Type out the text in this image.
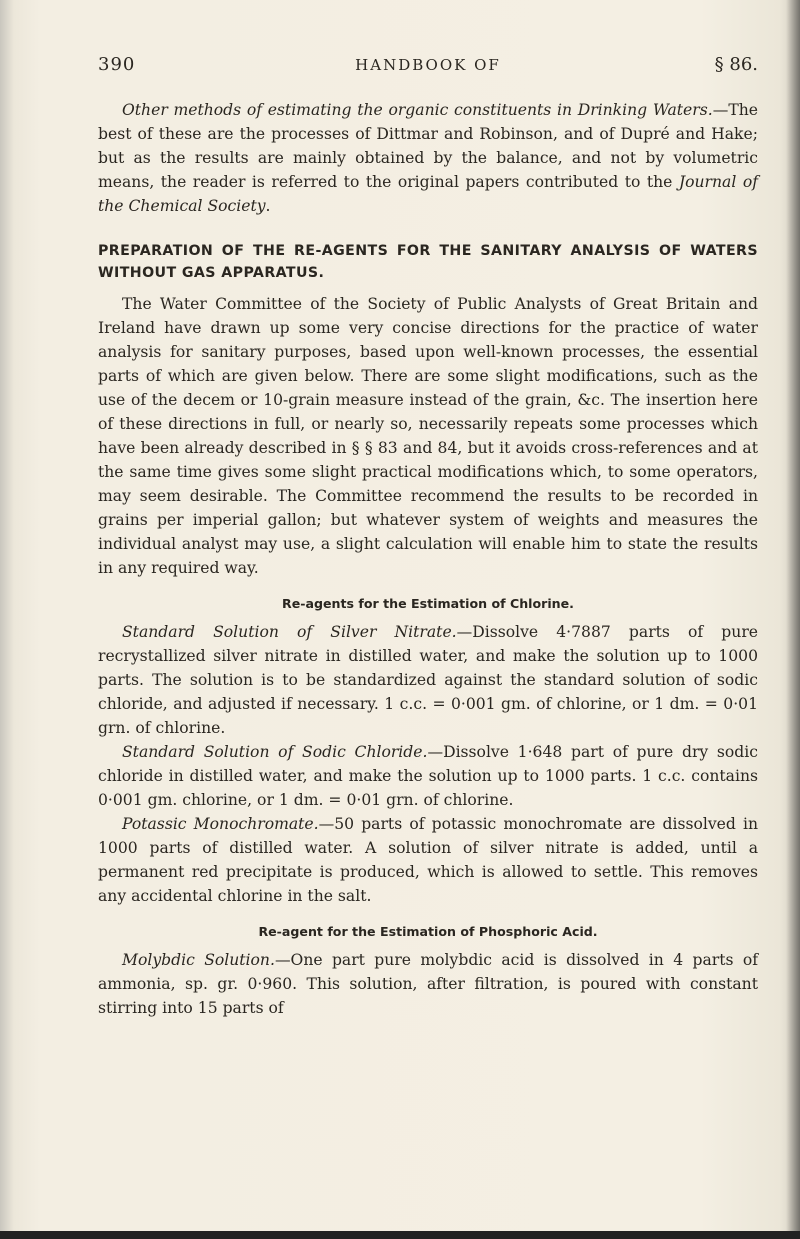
390	HANDBOOK OF	§ 86.

Other methods of estimating the organic constituents in Drinking Waters.—The best of these are the processes of Dittmar and Robinson, and of Dupré and Hake; but as the results are mainly obtained by the balance, and not by volumetric means, the reader is referred to the original papers contributed to the Journal of the Chemical Society.

PREPARATION OF THE RE-AGENTS FOR THE SANITARY ANALYSIS OF WATERS WITHOUT GAS APPARATUS.

The Water Committee of the Society of Public Analysts of Great Britain and Ireland have drawn up some very concise directions for the practice of water analysis for sanitary purposes, based upon well-known processes, the essential parts of which are given below. There are some slight modifications, such as the use of the decem or 10-grain measure instead of the grain, &c. The insertion here of these directions in full, or nearly so, necessarily repeats some processes which have been already described in § § 83 and 84, but it avoids cross-references and at the same time gives some slight practical modifications which, to some operators, may seem desirable. The Committee recommend the results to be recorded in grains per imperial gallon; but whatever system of weights and measures the individual analyst may use, a slight calculation will enable him to state the results in any required way.

Re-agents for the Estimation of Chlorine.

Standard Solution of Silver Nitrate.—Dissolve 4·7887 parts of pure recrystallized silver nitrate in distilled water, and make the solution up to 1000 parts. The solution is to be standardized against the standard solution of sodic chloride, and adjusted if necessary. 1 c.c. = 0·001 gm. of chlorine, or 1 dm. = 0·01 grn. of chlorine.

Standard Solution of Sodic Chloride.—Dissolve 1·648 part of pure dry sodic chloride in distilled water, and make the solution up to 1000 parts. 1 c.c. contains 0·001 gm. chlorine, or 1 dm. = 0·01 grn. of chlorine.

Potassic Monochromate.—50 parts of potassic monochromate are dissolved in 1000 parts of distilled water. A solution of silver nitrate is added, until a permanent red precipitate is produced, which is allowed to settle. This removes any accidental chlorine in the salt.

Re-agent for the Estimation of Phosphoric Acid.

Molybdic Solution.—One part pure molybdic acid is dissolved in 4 parts of ammonia, sp. gr. 0·960. This solution, after filtration, is poured with constant stirring into 15 parts of
